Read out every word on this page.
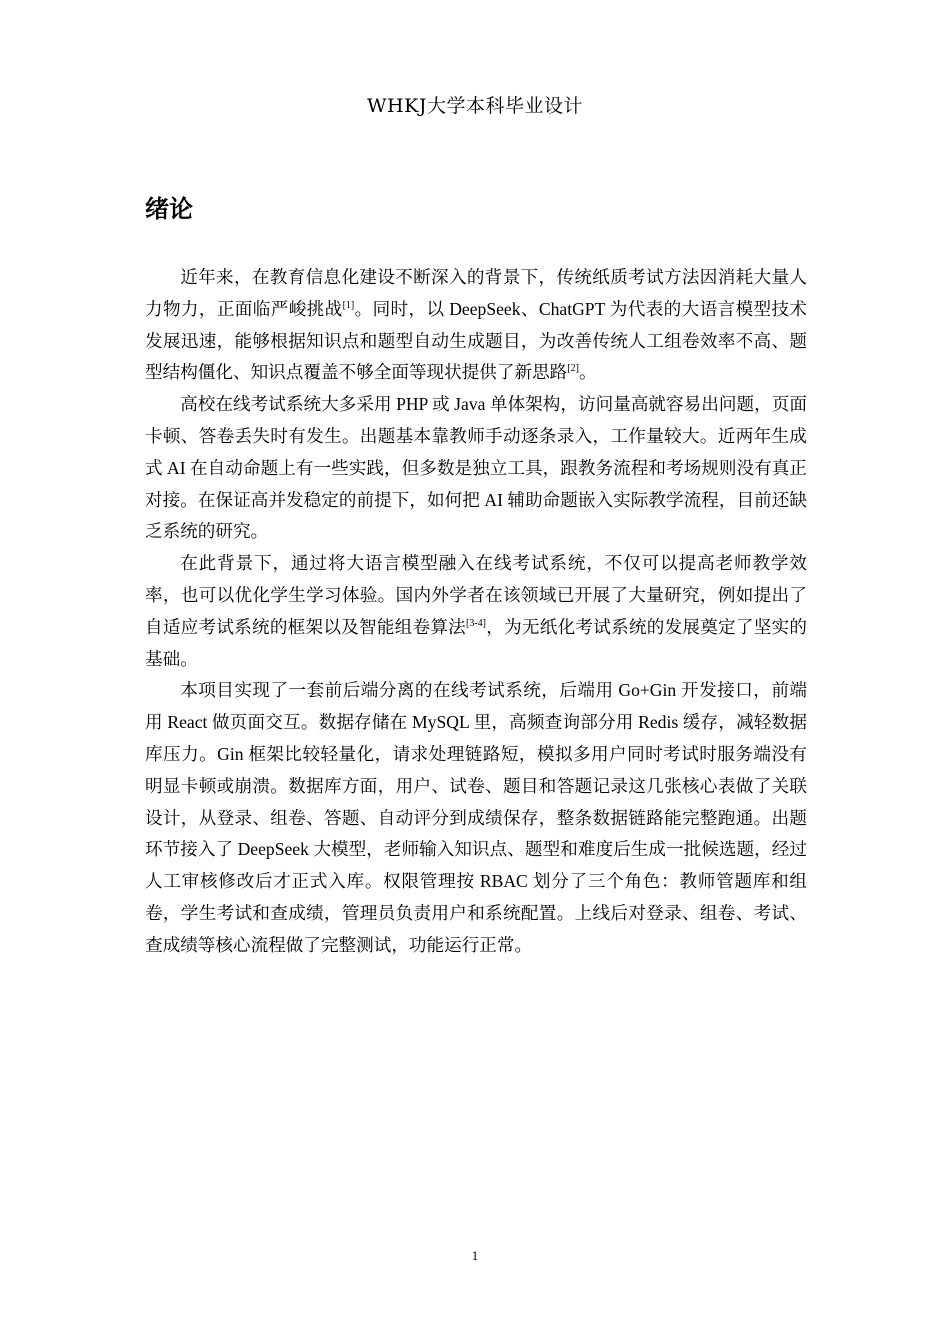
WHKJ大学本科毕业设计
绪论

近年来，在教育信息化建设不断深入的背景下，传统纸质考试方法因消耗大量人力物力，正面临严峻挑战[1]。同时，以 DeepSeek、ChatGPT 为代表的大语言模型技术发展迅速，能够根据知识点和题型自动生成题目，为改善传统人工组卷效率不高、题型结构僵化、知识点覆盖不够全面等现状提供了新思路[2]。

高校在线考试系统大多采用 PHP 或 Java 单体架构，访问量高就容易出问题，页面卡顿、答卷丢失时有发生。出题基本靠教师手动逐条录入，工作量较大。近两年生成式 AI 在自动命题上有一些实践，但多数是独立工具，跟教务流程和考场规则没有真正对接。在保证高并发稳定的前提下，如何把 AI 辅助命题嵌入实际教学流程，目前还缺乏系统的研究。

在此背景下，通过将大语言模型融入在线考试系统，不仅可以提高老师教学效率，也可以优化学生学习体验。国内外学者在该领域已开展了大量研究，例如提出了自适应考试系统的框架以及智能组卷算法[3-4]，为无纸化考试系统的发展奠定了坚实的基础。

本项目实现了一套前后端分离的在线考试系统，后端用 Go+Gin 开发接口，前端用 React 做页面交互。数据存储在 MySQL 里，高频查询部分用 Redis 缓存，减轻数据库压力。Gin 框架比较轻量化，请求处理链路短，模拟多用户同时考试时服务端没有明显卡顿或崩溃。数据库方面，用户、试卷、题目和答题记录这几张核心表做了关联设计，从登录、组卷、答题、自动评分到成绩保存，整条数据链路能完整跑通。出题环节接入了 DeepSeek 大模型，老师输入知识点、题型和难度后生成一批候选题，经过人工审核修改后才正式入库。权限管理按 RBAC 划分了三个角色：教师管题库和组卷，学生考试和查成绩，管理员负责用户和系统配置。上线后对登录、组卷、考试、查成绩等核心流程做了完整测试，功能运行正常。

1
